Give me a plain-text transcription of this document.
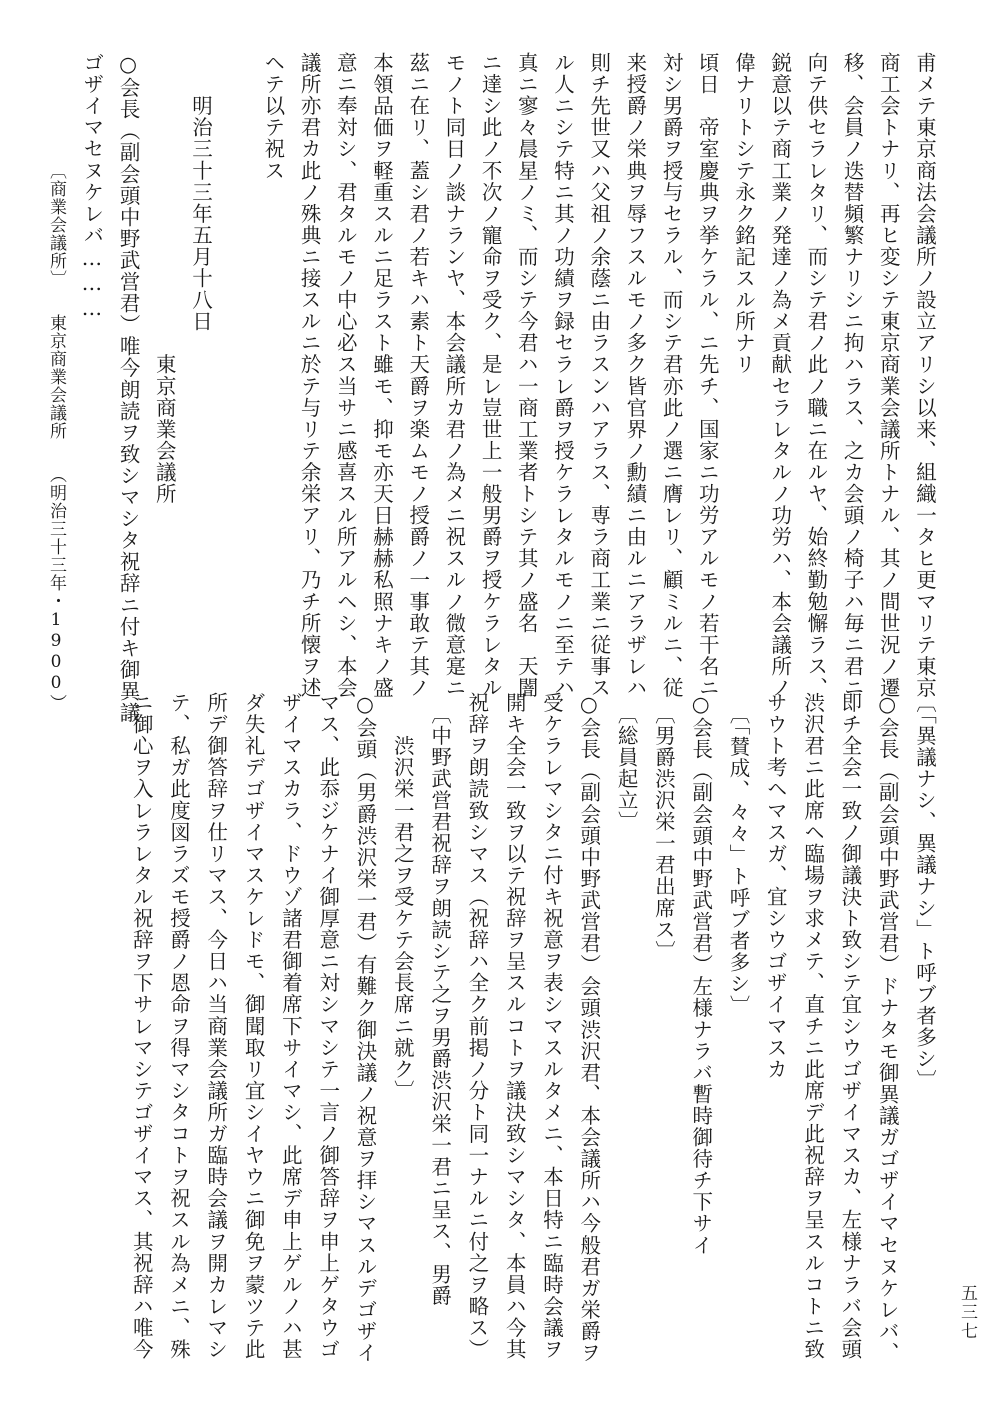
甫メテ東京商法会議所ノ設立アリシ以来、組織一タヒ更マリテ東京

商工会トナリ、再ヒ変シテ東京商業会議所トナル、其ノ間世況ノ遷

移、会員ノ迭替頻繁ナリシニ拘ハラス、之カ会頭ノ椅子ハ毎ニ君ニ

向テ供セラレタリ、而シテ君ノ此ノ職ニ在ルヤ、始終勤勉懈ラス、

鋭意以テ商工業ノ発達ノ為メ貢献セラレタルノ功労ハ、本会議所ノ

偉ナリトシテ永ク銘記スル所ナリ

頃日　帝室慶典ヲ挙ケラル、ニ先チ、国家ニ功労アルモノ若干名ニ

対シ男爵ヲ授与セラル、而シテ君亦此ノ選ニ膺レリ、顧ミルニ、従

来授爵ノ栄典ヲ辱フスルモノ多ク皆官界ノ勳績ニ由ルニアラザレハ

則チ先世又ハ父祖ノ余蔭ニ由ラスンハアラス、専ラ商工業ニ従事ス

ル人ニシテ特ニ其ノ功績ヲ録セラレ爵ヲ授ケラレタルモノニ至テハ

真ニ寥々晨星ノミ、而シテ今君ハ一商工業者トシテ其ノ盛名　天闇

ニ達シ此ノ不次ノ寵命ヲ受ク、是レ豈世上一般男爵ヲ授ケラレタル

モノト同日ノ談ナランヤ、本会議所カ君ノ為メニ祝スルノ微意寔ニ

茲ニ在リ、蓋シ君ノ若キハ素ト天爵ヲ楽ムモノ授爵ノ一事敢テ其ノ

本領品価ヲ軽重スルニ足ラスト雖モ、抑モ亦天日赫赫私照ナキノ盛

意ニ奉対シ、君タルモノ中心必ス当サニ感喜スル所アルヘシ、本会

議所亦君カ此ノ殊典ニ接スルニ於テ与リテ余栄アリ、乃チ所懐ヲ述

ヘテ以テ祝ス

　　明治三十三年五月十八日

　　　　　　　　　　　　　　東京商業会議所

○会長（副会頭中野武営君）唯今朗読ヲ致シマシタ祝辞ニ付キ御異議

ゴザイマセヌケレバ………

〔「異議ナシ、異議ナシ」ト呼ブ者多シ〕

○会長（副会頭中野武営君）ドナタモ御異議ガゴザイマセヌケレバ、

即チ全会一致ノ御議決ト致シテ宜シウゴザイマスカ、左様ナラバ会頭

渋沢君ニ此席ヘ臨場ヲ求メテ、直チニ此席デ此祝辞ヲ呈スルコトニ致

サウト考ヘマスガ、宜シウゴザイマスカ

　〔「賛成、々々」ト呼ブ者多シ〕

○会長（副会頭中野武営君）左様ナラバ暫時御待チ下サイ

　〔男爵渋沢栄一君出席ス〕

　〔総員起立〕

○会長（副会頭中野武営君）会頭渋沢君、本会議所ハ今般君ガ栄爵ヲ

受ケラレマシタニ付キ祝意ヲ表シマスルタメニ、本日特ニ臨時会議ヲ

開キ全会一致ヲ以テ祝辞ヲ呈スルコトヲ議決致シマシタ、本員ハ今其

祝辞ヲ朗読致シマス（祝辞ハ全ク前掲ノ分ト同一ナルニ付之ヲ略ス）

　〔中野武営君祝辞ヲ朗読シテ之ヲ男爵渋沢栄一君ニ呈ス、男爵

　　渋沢栄一君之ヲ受ケテ会長席ニ就ク〕

○会頭（男爵渋沢栄一君）有難ク御決議ノ祝意ヲ拝シマスルデゴザイ

マス、此忝ジケナイ御厚意ニ対シマシテ一言ノ御答辞ヲ申上ゲタウゴ

ザイマスカラ、ドウゾ諸君御着席下サイマシ、此席デ申上ゲルノハ甚

ダ失礼デゴザイマスケレドモ、御聞取リ宜シイヤウニ御免ヲ蒙ツテ此

所デ御答辞ヲ仕リマス、今日ハ当商業会議所ガ臨時会議ヲ開カレマシ

テ、私ガ此度図ラズモ授爵ノ恩命ヲ得マシタコトヲ祝スル為メニ、殊

ニ御心ヲ入レラレタル祝辞ヲ下サレマシテゴザイマス、其祝辞ハ唯今

〔商業会議所〕東京商業会議所（明治三十三年・1900）
五三七
